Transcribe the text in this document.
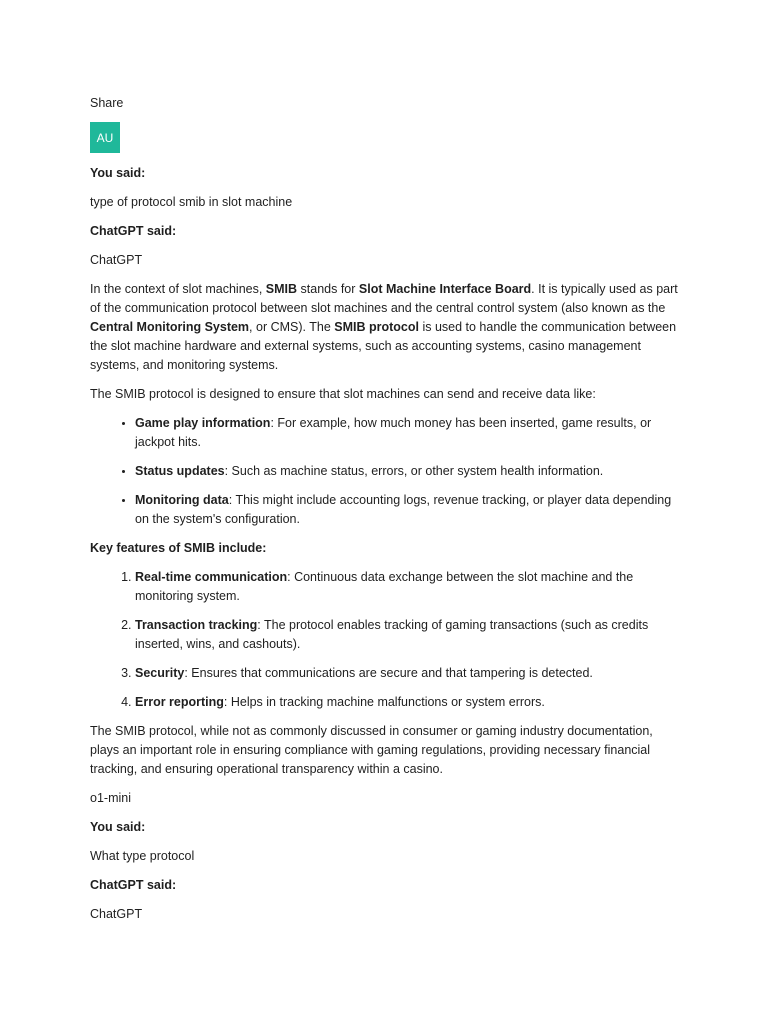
Share

AU

You said:

type of protocol smib in slot machine

ChatGPT said:

ChatGPT

In the context of slot machines, SMIB stands for Slot Machine Interface Board. It is typically used as part of the communication protocol between slot machines and the central control system (also known as the Central Monitoring System, or CMS). The SMIB protocol is used to handle the communication between the slot machine hardware and external systems, such as accounting systems, casino management systems, and monitoring systems.

The SMIB protocol is designed to ensure that slot machines can send and receive data like:

• Game play information: For example, how much money has been inserted, game results, or jackpot hits.
• Status updates: Such as machine status, errors, or other system health information.
• Monitoring data: This might include accounting logs, revenue tracking, or player data depending on the system's configuration.

Key features of SMIB include:

1. Real-time communication: Continuous data exchange between the slot machine and the monitoring system.
2. Transaction tracking: The protocol enables tracking of gaming transactions (such as credits inserted, wins, and cashouts).
3. Security: Ensures that communications are secure and that tampering is detected.
4. Error reporting: Helps in tracking machine malfunctions or system errors.

The SMIB protocol, while not as commonly discussed in consumer or gaming industry documentation, plays an important role in ensuring compliance with gaming regulations, providing necessary financial tracking, and ensuring operational transparency within a casino.

o1-mini

You said:

What type protocol

ChatGPT said:

ChatGPT
